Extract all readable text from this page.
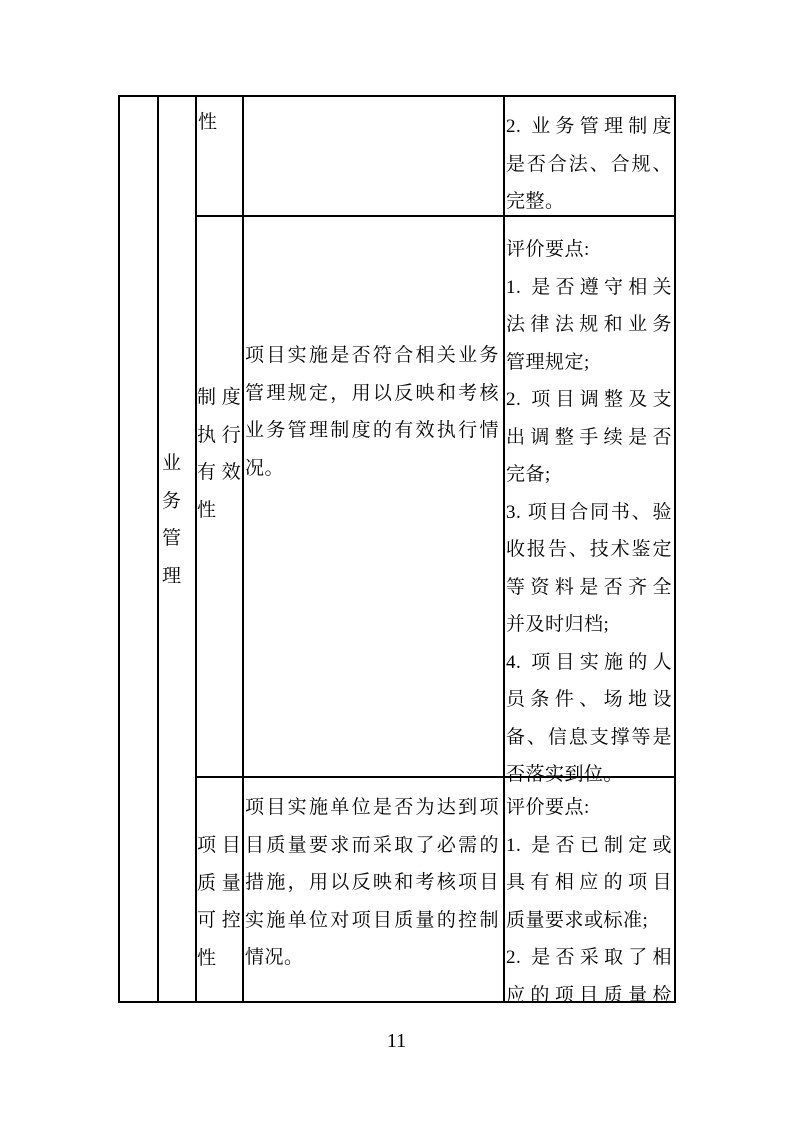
业
务
管
理
性	2. 业务管理制度
是否合法、合规、
完整。
制 度
执 行
有 效
性
项目实施是否符合相关业务
管理规定，用以反映和考核
业务管理制度的有效执行情
况。
评价要点:
1. 是否遵守相关
法律法规和业务
管理规定;
2. 项目调整及支
出调整手续是否
完备;
3. 项目合同书、验
收报告、技术鉴定
等资料是否齐全
并及时归档;
4. 项目实施的人
员条件、场地设
备、信息支撑等是
否落实到位。
项 目
质 量
可 控
性
项目实施单位是否为达到项
目质量要求而采取了必需的
措施，用以反映和考核项目
实施单位对项目质量的控制
情况。
评价要点:
1. 是否已制定或
具有相应的项目
质量要求或标准;
2. 是否采取了相
应的项目质量检
11
